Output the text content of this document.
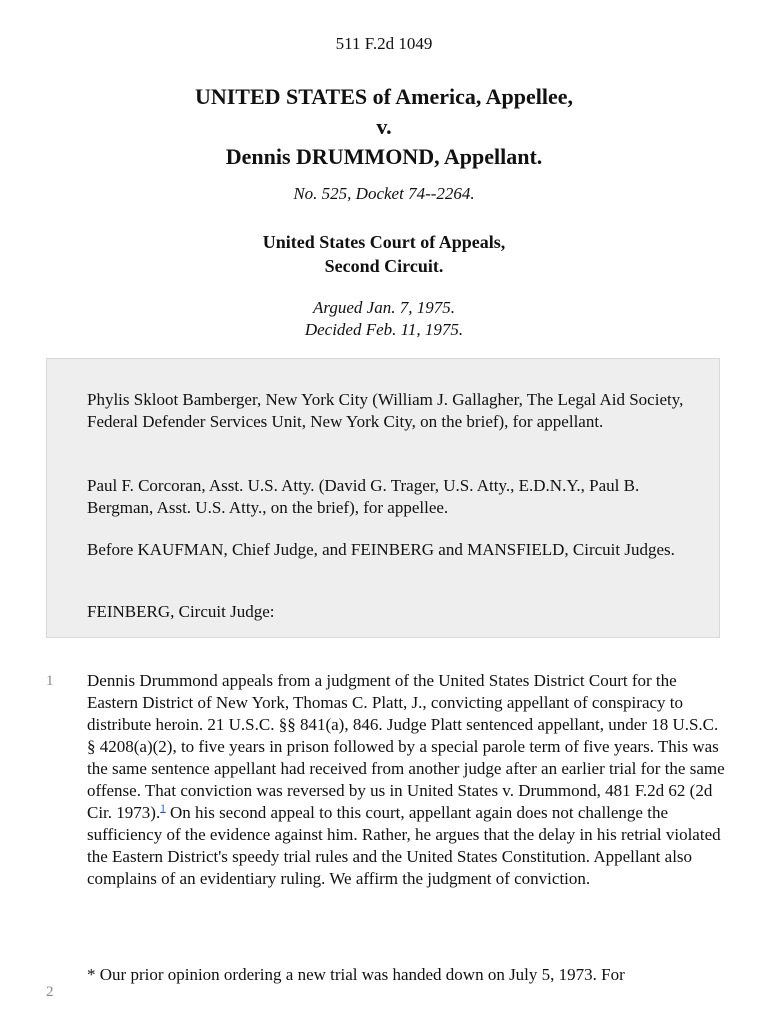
511 F.2d 1049
UNITED STATES of America, Appellee,
v.
Dennis DRUMMOND, Appellant.
No. 525, Docket 74--2264.
United States Court of Appeals,
Second Circuit.
Argued Jan. 7, 1975.
Decided Feb. 11, 1975.

Phylis Skloot Bamberger, New York City (William J. Gallagher, The Legal Aid Society, Federal Defender Services Unit, New York City, on the brief), for appellant.

Paul F. Corcoran, Asst. U.S. Atty. (David G. Trager, U.S. Atty., E.D.N.Y., Paul B. Bergman, Asst. U.S. Atty., on the brief), for appellee.

Before KAUFMAN, Chief Judge, and FEINBERG and MANSFIELD, Circuit Judges.

FEINBERG, Circuit Judge:

1 Dennis Drummond appeals from a judgment of the United States District Court for the Eastern District of New York, Thomas C. Platt, J., convicting appellant of conspiracy to distribute heroin. 21 U.S.C. §§ 841(a), 846. Judge Platt sentenced appellant, under 18 U.S.C. § 4208(a)(2), to five years in prison followed by a special parole term of five years. This was the same sentence appellant had received from another judge after an earlier trial for the same offense. That conviction was reversed by us in United States v. Drummond, 481 F.2d 62 (2d Cir. 1973).$^1$ On his second appeal to this court, appellant again does not challenge the sufficiency of the evidence against him. Rather, he argues that the delay in his retrial violated the Eastern District's speedy trial rules and the United States Constitution. Appellant also complains of an evidentiary ruling. We affirm the judgment of conviction.

2

* Our prior opinion ordering a new trial was handed down on July 5, 1973. For
